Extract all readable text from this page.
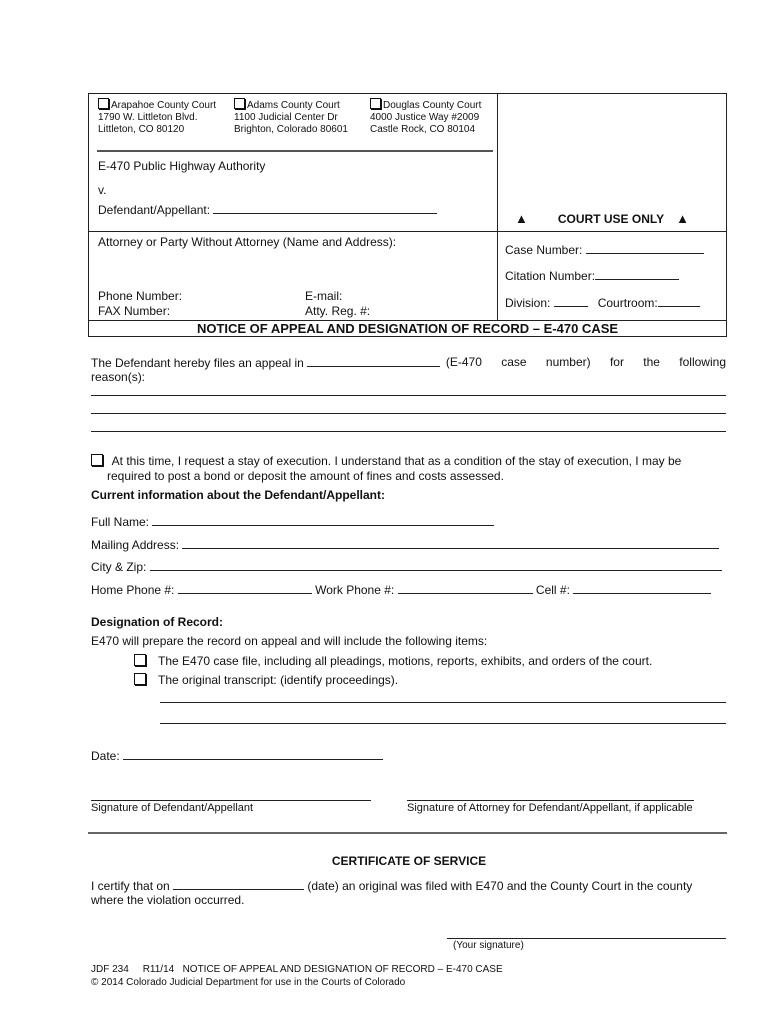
Arapahoe County Court
1790 W. Littleton Blvd.
Littleton, CO 80120
Adams County Court
1100 Judicial Center Dr
Brighton, Colorado 80601
Douglas County Court
4000 Justice Way #2009
Castle Rock, CO 80104
E-470 Public Highway Authority
v.
Defendant/Appellant:
▲	COURT USE ONLY ▲
Attorney or Party Without Attorney (Name and Address):
Phone Number:
FAX Number:
E-mail:
Atty. Reg. #:
Case Number:
Citation Number:
Division:	Courtroom:
NOTICE OF APPEAL AND DESIGNATION OF RECORD – E-470 CASE
The Defendant hereby files an appeal in	(E-470 case number) for the following
reason(s):
At this time, I request a stay of execution. I understand that as a condition of the stay of execution, I may be
required to post a bond or deposit the amount of fines and costs assessed.
Current information about the Defendant/Appellant:
Full Name:
Mailing Address:
City & Zip:
Home Phone #:	Work Phone #:	Cell #:
Designation of Record:
E470 will prepare the record on appeal and will include the following items:
The E470 case file, including all pleadings, motions, reports, exhibits, and orders of the court.
The original transcript: (identify proceedings).
Date:
Signature of Defendant/Appellant	Signature of Attorney for Defendant/Appellant, if applicable
CERTIFICATE OF SERVICE
I certify that on	(date) an original was filed with E470 and the County Court in the county
where the violation occurred.
(Your signature)
JDF 234 R11/14 NOTICE OF APPEAL AND DESIGNATION OF RECORD – E-470 CASE
© 2014 Colorado Judicial Department for use in the Courts of Colorado
